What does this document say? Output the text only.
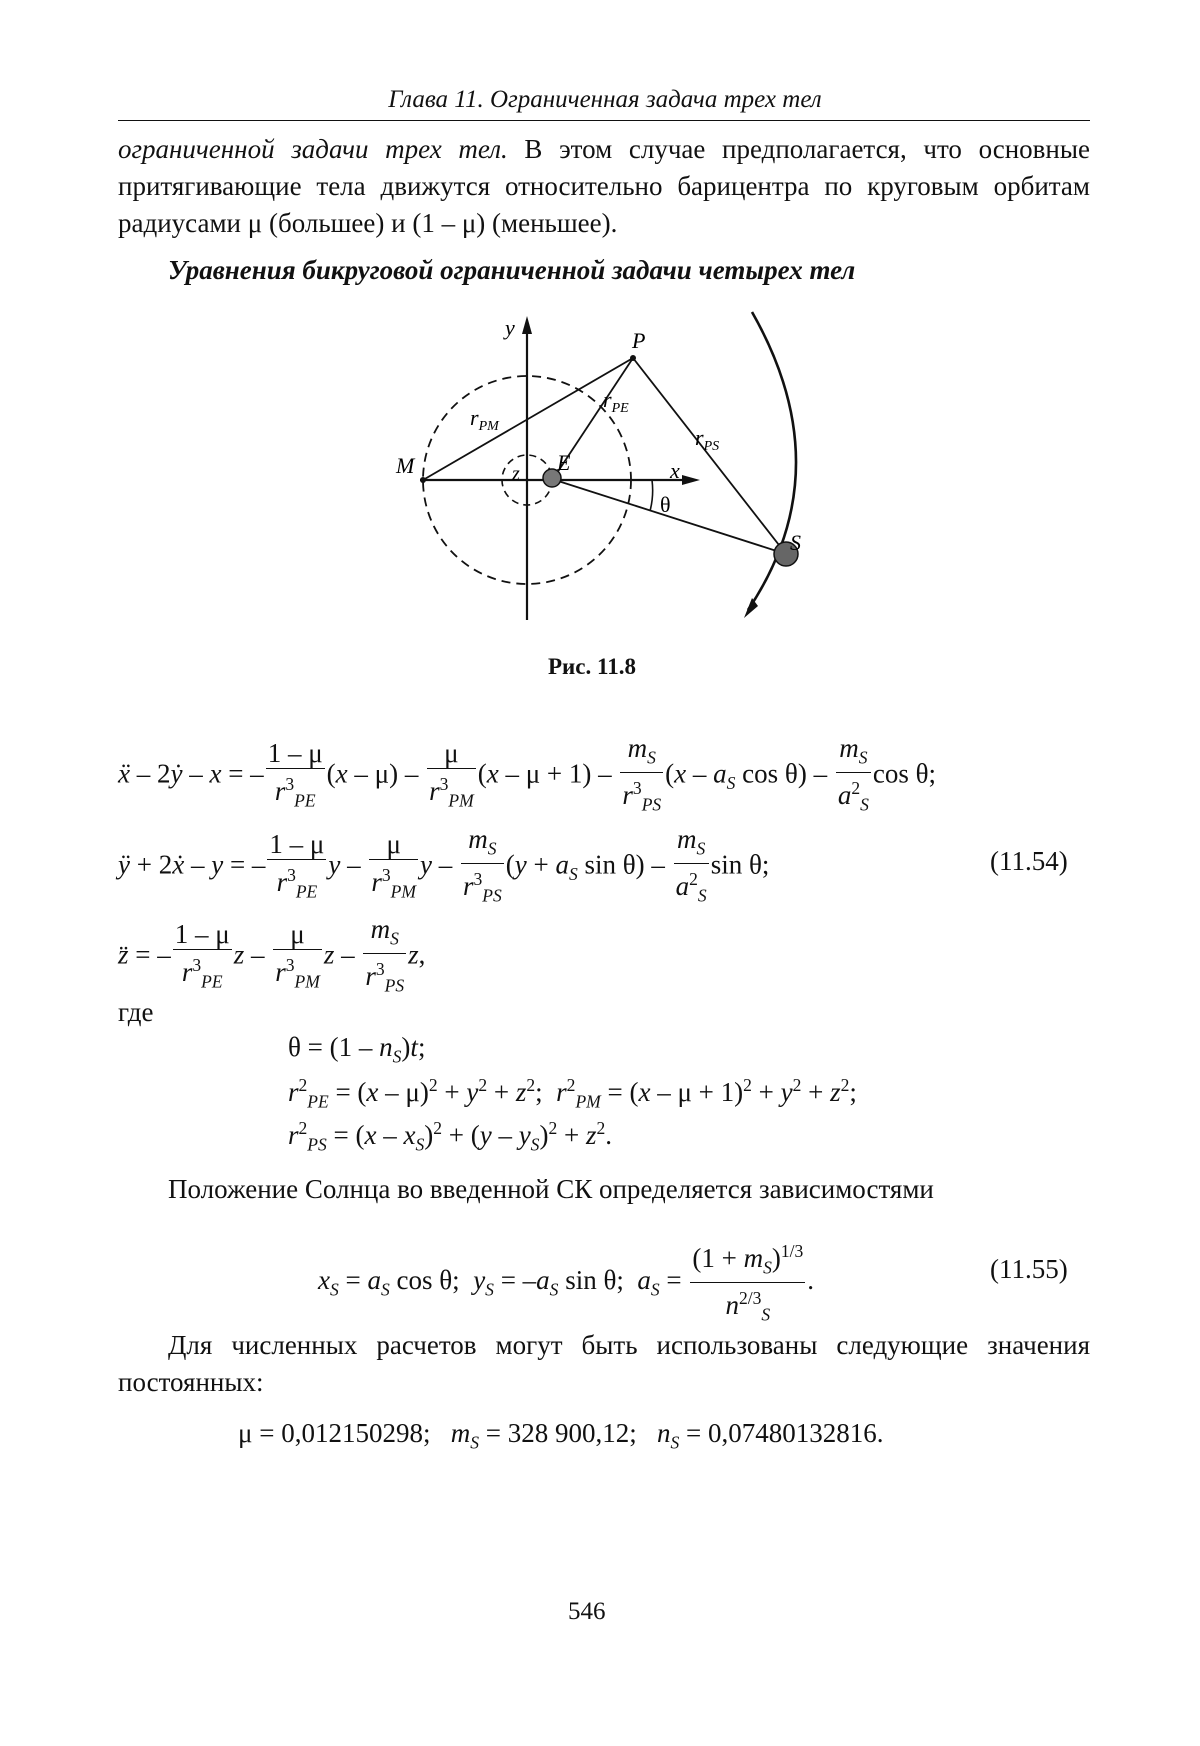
Глава 11. Ограниченная задача трех тел
ограниченной задачи трех тел. В этом случае предполагается, что основные притягивающие тела движутся относительно барицентра по круговым орбитам радиусами μ (большее) и (1 – μ) (меньшее).
Уравнения бикруговой ограниченной задачи четырех тел
y
x
z
M	E
P
S
$r_{PM}$
$r_{PE}$
$r_{PS}$
θ
Рис. 11.8
ẍ – 2ẏ – x = – $\frac{1 - \mu}{r^3_{PE}} (x - \mu) - \frac{\mu}{r^3_{PM}} (x - \mu + 1) - \frac{m_S}{r^3_{PS}} (x - a_S$ $\cos \theta) - \frac{m_S}{a^2_S}$ cos θ;
ÿ + 2ẋ – y = – $\frac{1 - \mu}{r^3_{PE}}$ y – $\frac{\mu}{r^3_{PM}}$ $y - \frac{m_S}{r^3_{PS}} (y + a_S$ $\sin \theta) - \frac{m_S}{a^2_S}$ sin θ;	(11.54)
z̈ = – $\frac{1 - \mu}{r^3_{PE}}$ z – $\frac{\mu}{r^3_{PM}}$ z – $\frac{m_S}{r^3_{PS}} z$,
где
$\theta = (1 - n_S)t$;
$r^2_{PE} = (x - \mu)^2 + y^2 + z^2$;  $r^2_{PM} = (x - \mu + 1)^2 + y^2 + z^2$;
$r^2_{PS} = (x - x_S)^2 + (y - y_S)^2 + z^2$.
Положение Солнца во введенной СК определяется зависимостями
$x_S = a_S$ cos θ;  $y_S = -a_S$ sin θ;  $a_S = \frac{(1 + m_S)^{1/3}}{n^{2/3}_S}$ .	(11.55)
Для численных расчетов могут быть использованы следующие значения постоянных:
μ = 0,012150298;   $m_S = 328$ 900,12;   $n_S = 0,07480132816$.
546
